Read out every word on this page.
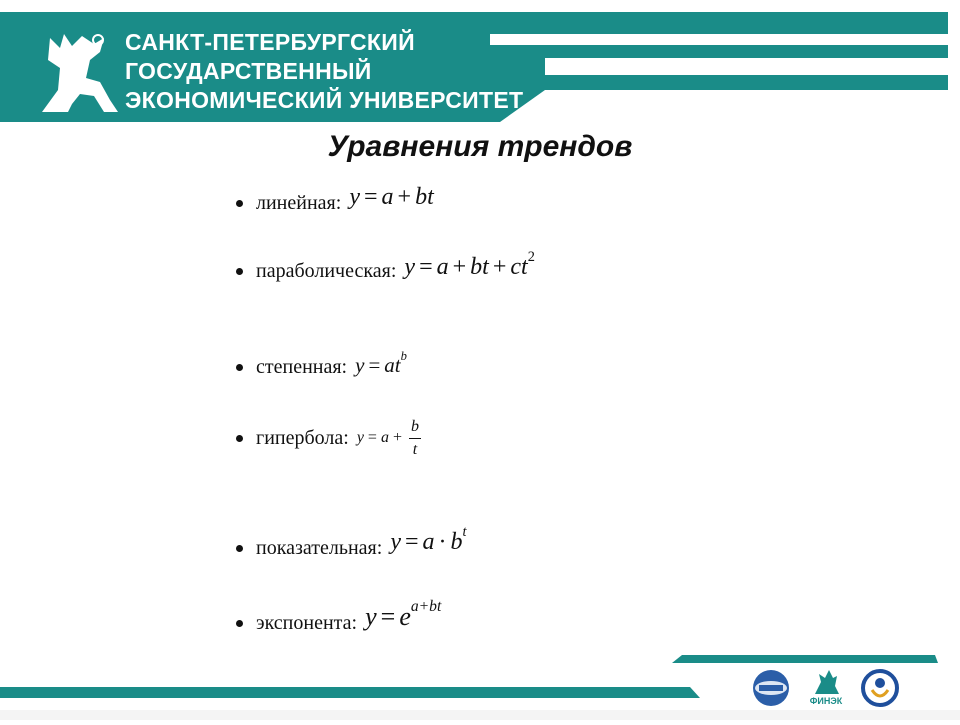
САНКТ-ПЕТЕРБУРГСКИЙ
ГОСУДАРСТВЕННЫЙ
ЭКОНОМИЧЕСКИЙ УНИВЕРСИТЕТ
Уравнения трендов
линейная: y = a + bt
параболическая: y = a + bt + $ct^2$
степенная: $y = at^b$
гипербола: $y = a + \frac{b}{t}$
показательная: $y = a \cdot b^t$
экспонента: $y = e^{a+bt}$
ФИНЭК
